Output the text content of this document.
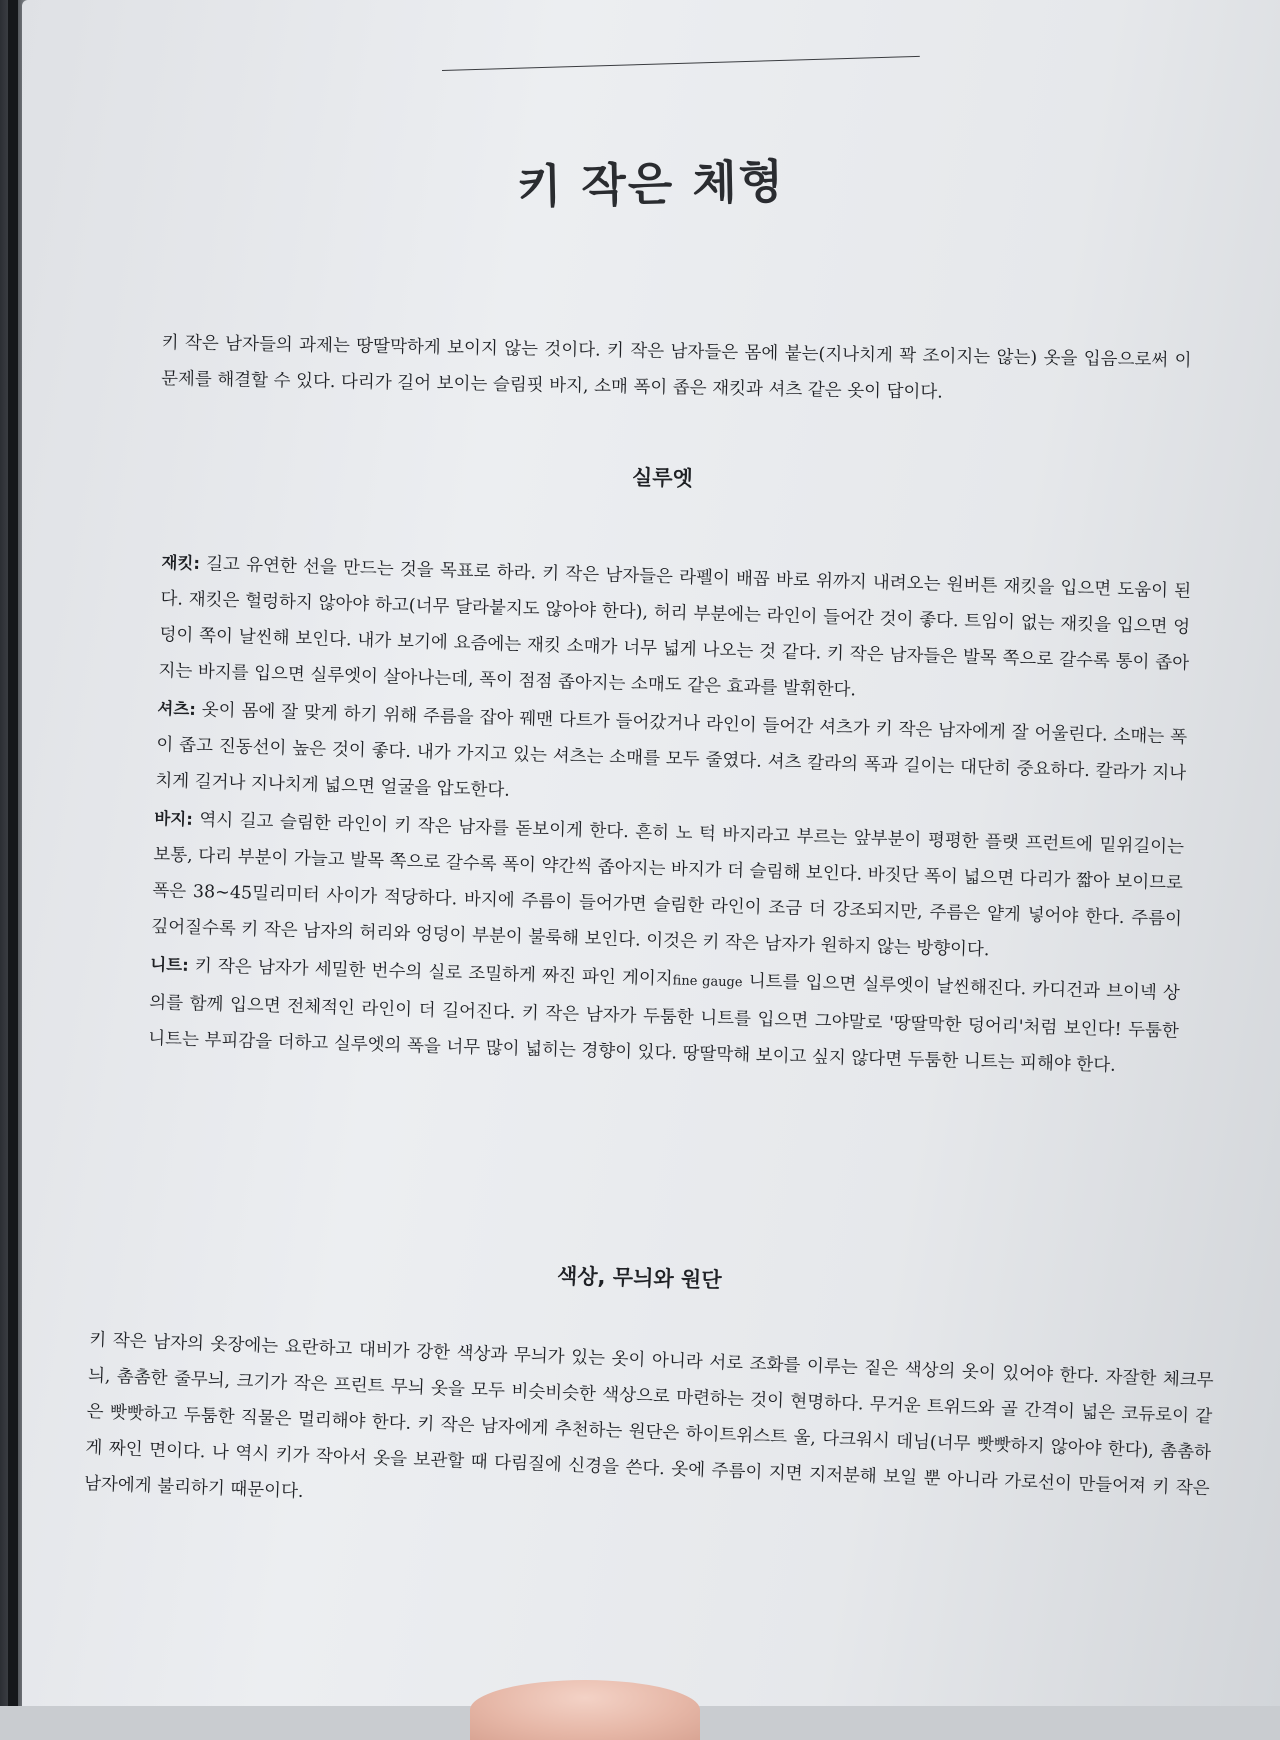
키 작은 체형

키 작은 남자들의 과제는 땅딸막하게 보이지 않는 것이다. 키 작은 남자들은 몸에 붙는(지나치게 꽉 조이지는 않는) 옷을 입음으로써 이 문제를 해결할 수 있다. 다리가 길어 보이는 슬림핏 바지, 소매 폭이 좁은 재킷과 셔츠 같은 옷이 답이다.

실루엣

재킷: 길고 유연한 선을 만드는 것을 목표로 하라. 키 작은 남자들은 라펠이 배꼽 바로 위까지 내려오는 원버튼 재킷을 입으면 도움이 된다. 재킷은 헐렁하지 않아야 하고(너무 달라붙지도 않아야 한다), 허리 부분에는 라인이 들어간 것이 좋다. 트임이 없는 재킷을 입으면 엉덩이 쪽이 날씬해 보인다. 내가 보기에 요즘에는 재킷 소매가 너무 넓게 나오는 것 같다. 키 작은 남자들은 발목 쪽으로 갈수록 통이 좁아지는 바지를 입으면 실루엣이 살아나는데, 폭이 점점 좁아지는 소매도 같은 효과를 발휘한다.

셔츠: 옷이 몸에 잘 맞게 하기 위해 주름을 잡아 꿰맨 다트가 들어갔거나 라인이 들어간 셔츠가 키 작은 남자에게 잘 어울린다. 소매는 폭이 좁고 진동선이 높은 것이 좋다. 내가 가지고 있는 셔츠는 소매를 모두 줄였다. 셔츠 칼라의 폭과 길이는 대단히 중요하다. 칼라가 지나치게 길거나 지나치게 넓으면 얼굴을 압도한다.

바지: 역시 길고 슬림한 라인이 키 작은 남자를 돋보이게 한다. 흔히 노 턱 바지라고 부르는 앞부분이 평평한 플랫 프런트에 밑위길이는 보통, 다리 부분이 가늘고 발목 쪽으로 갈수록 폭이 약간씩 좁아지는 바지가 더 슬림해 보인다. 바짓단 폭이 넓으면 다리가 짧아 보이므로 폭은 38~45밀리미터 사이가 적당하다. 바지에 주름이 들어가면 슬림한 라인이 조금 더 강조되지만, 주름은 얕게 넣어야 한다. 주름이 깊어질수록 키 작은 남자의 허리와 엉덩이 부분이 불룩해 보인다. 이것은 키 작은 남자가 원하지 않는 방향이다.

니트: 키 작은 남자가 세밀한 번수의 실로 조밀하게 짜진 파인 게이지fine gauge 니트를 입으면 실루엣이 날씬해진다. 카디건과 브이넥 상의를 함께 입으면 전체적인 라인이 더 길어진다. 키 작은 남자가 두툼한 니트를 입으면 그야말로 '땅딸막한 덩어리'처럼 보인다! 두툼한 니트는 부피감을 더하고 실루엣의 폭을 너무 많이 넓히는 경향이 있다. 땅딸막해 보이고 싶지 않다면 두툼한 니트는 피해야 한다.

색상, 무늬와 원단

키 작은 남자의 옷장에는 요란하고 대비가 강한 색상과 무늬가 있는 옷이 아니라 서로 조화를 이루는 짙은 색상의 옷이 있어야 한다. 자잘한 체크무늬, 촘촘한 줄무늬, 크기가 작은 프린트 무늬 옷을 모두 비슷비슷한 색상으로 마련하는 것이 현명하다. 무거운 트위드와 골 간격이 넓은 코듀로이 같은 빳빳하고 두툼한 직물은 멀리해야 한다. 키 작은 남자에게 추천하는 원단은 하이트위스트 울, 다크워시 데님(너무 빳빳하지 않아야 한다), 촘촘하게 짜인 면이다. 나 역시 키가 작아서 옷을 보관할 때 다림질에 신경을 쓴다. 옷에 주름이 지면 지저분해 보일 뿐 아니라 가로선이 만들어져 키 작은 남자에게 불리하기 때문이다.
